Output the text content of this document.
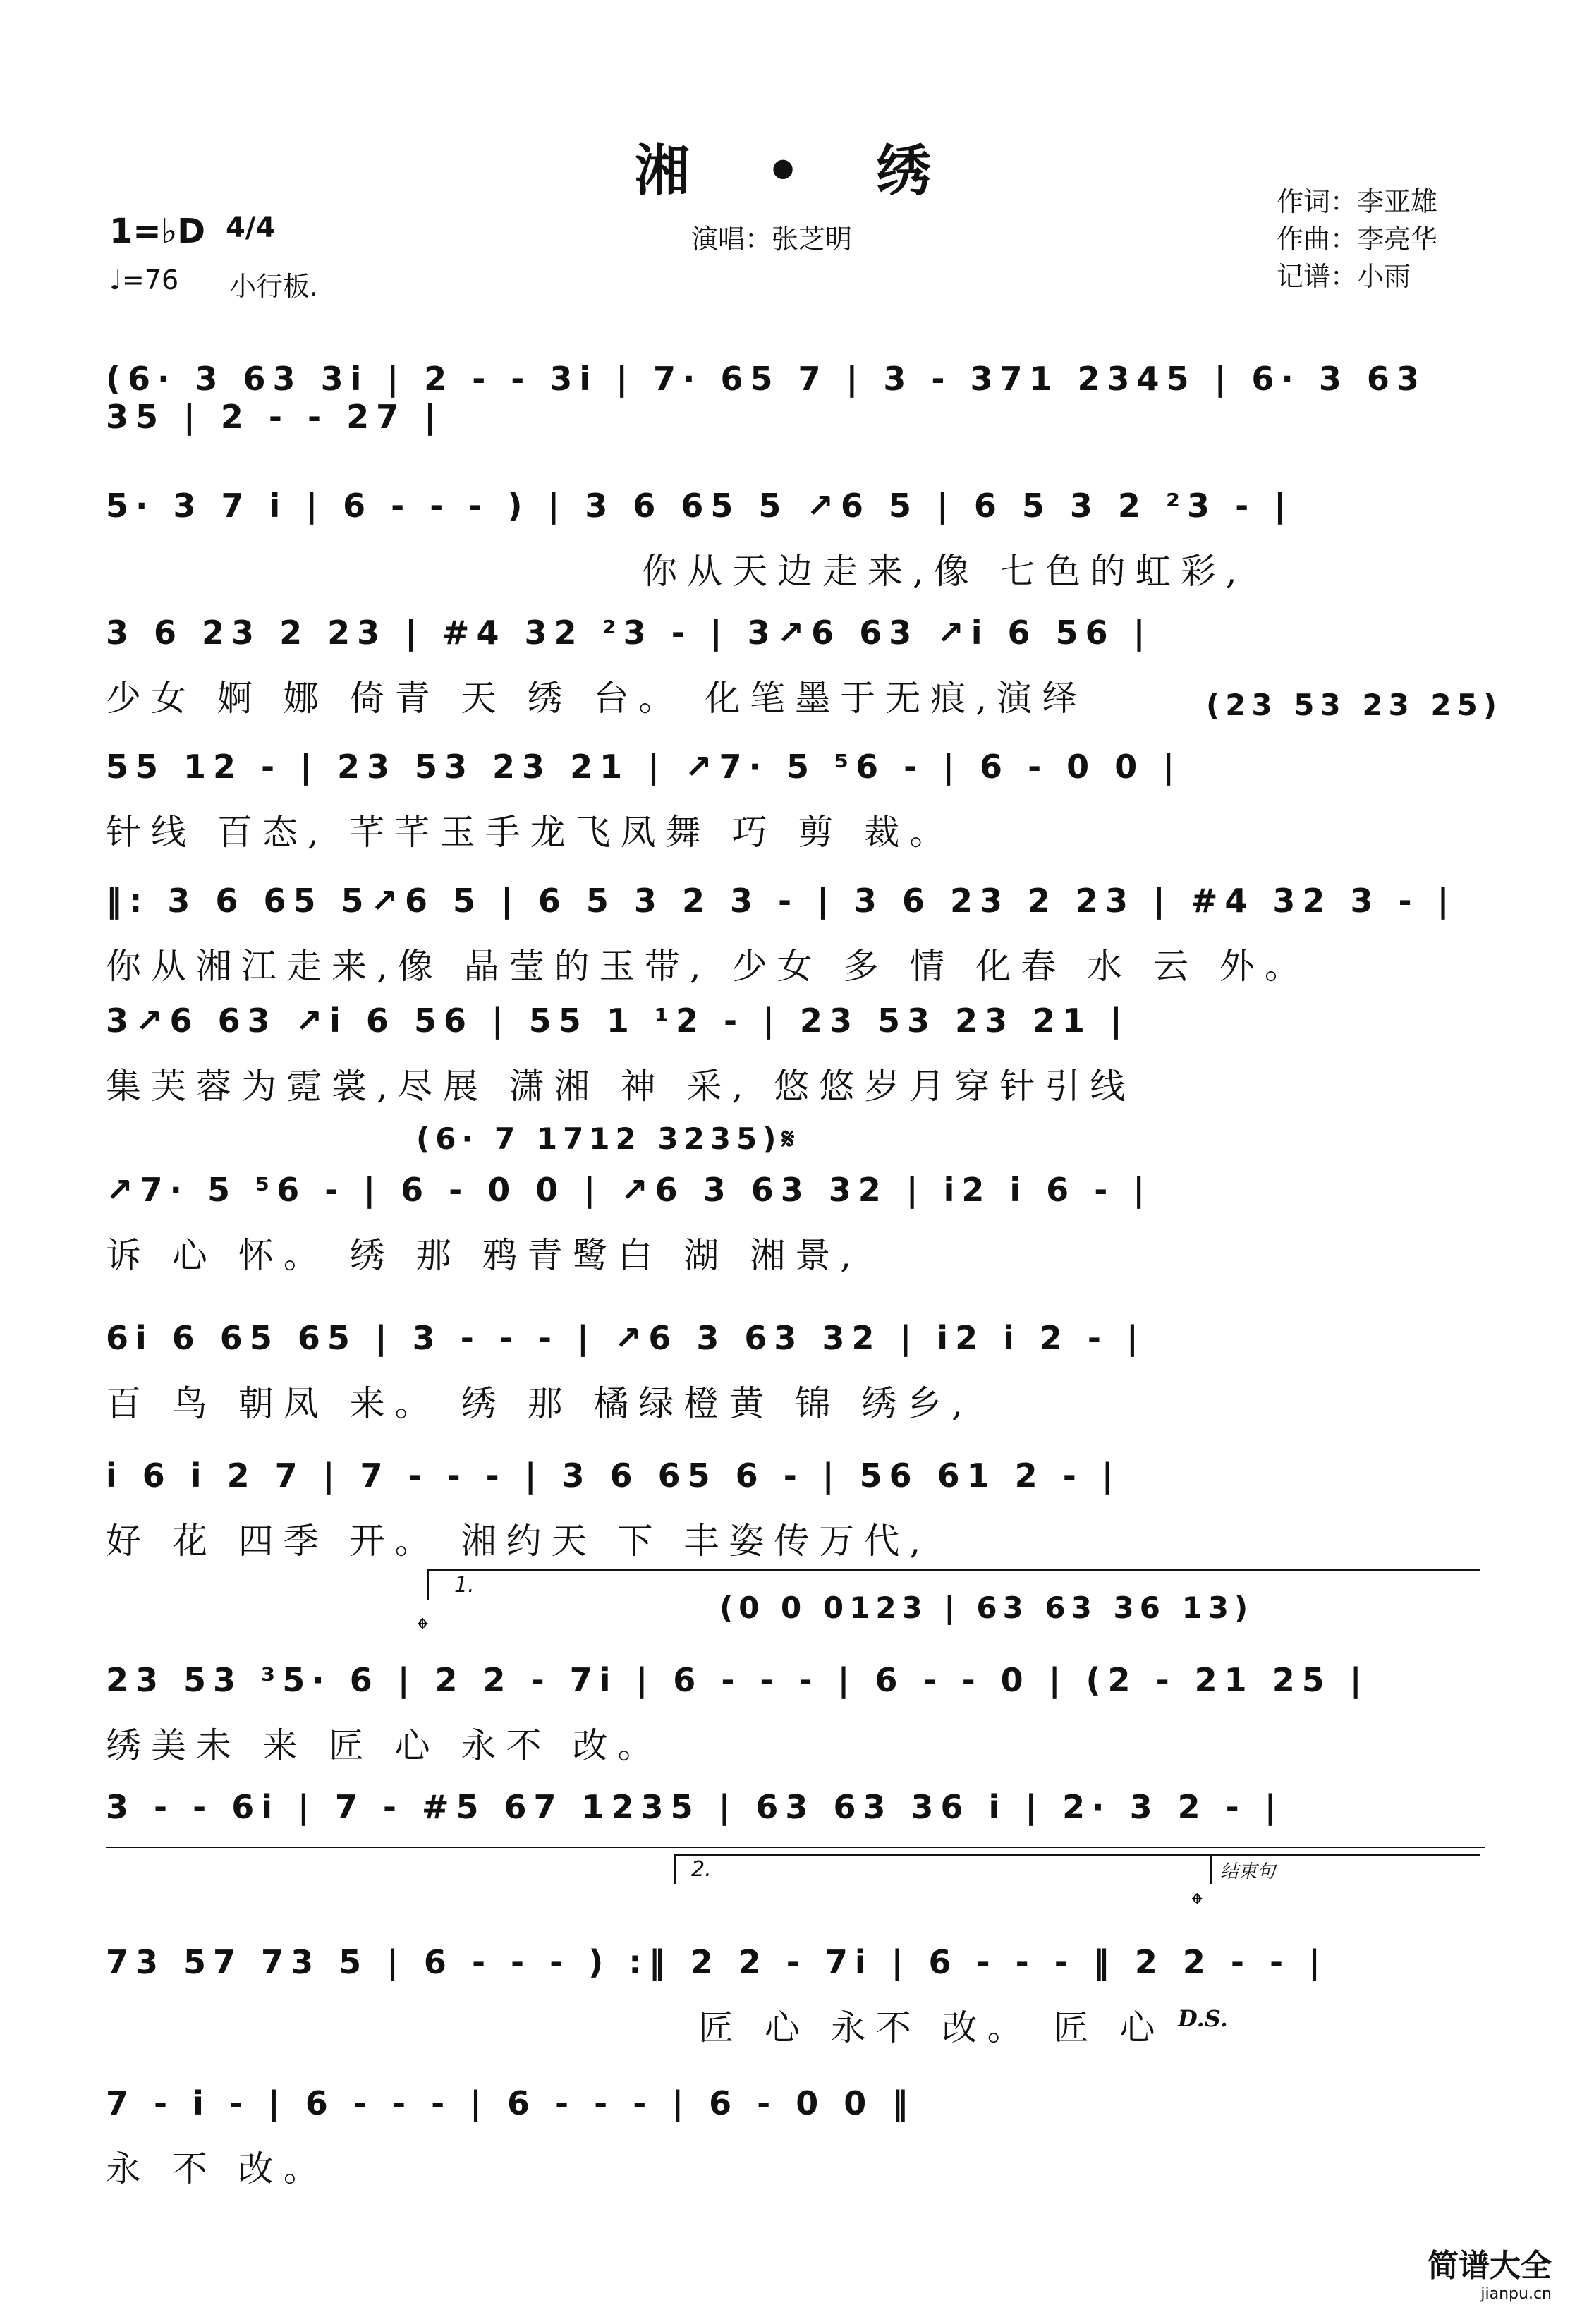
湘 • 绣	作词：李亚雄
作曲：李亮华
记谱：小雨
演唱：张芝明
1=♭D 4/4
♩=76 小行板.
(23 53 23 25)
(6· 7 1712 3235)𝄋
(0 0 0123 | 63 63 36 13)
(6· 3 63 3i | 2 - - 3i | 7· 65 7 | 3 - 371 2345 | 6· 3 63 35 | 2 - - 27 |
5· 3 7 i | 6 - - - ) | 3 6 65 5 ↗6 5 | 6 5 3 2 ²3 - |
你从天边走来,像 七色的虹彩,
3 6 23 2 23 | #4 32 ²3 - | 3↗6 63 ↗i 6 56 |
少女 婀 娜 倚青 天 绣 台。 化笔墨于无痕,演绎
55 12 - | 23 53 23 21 | ↗7· 5 ⁵6 - | 6 - 0 0 |
针线 百态, 芊芊玉手龙飞凤舞 巧 剪 裁。
‖: 3 6 65 5↗6 5 | 6 5 3 2 3 - | 3 6 23 2 23 | #4 32 3 - |
你从湘江走来,像 晶莹的玉带, 少女 多 情 化春 水 云 外。
3↗6 63 ↗i 6 56 | 55 1 ¹2 - | 23 53 23 21 |
集芙蓉为霓裳,尽展 潇湘 神 采, 悠悠岁月穿针引线
↗7· 5 ⁵6 - | 6 - 0 0 | ↗6 3 63 32 | i2 i 6 - |
诉 心 怀。 绣 那 鸦青鹭白 湖 湘景,
6i 6 65 65 | 3 - - - | ↗6 3 63 32 | i2 i 2 - |
百 鸟 朝凤 来。 绣 那 橘绿橙黄 锦 绣乡,
i 6 i 2 7 | 7 - - - | 3 6 65 6 - | 56 61 2 - |
好 花 四季 开。 湘约天 下 丰姿传万代,
1.
𝄌
23 53 ³5· 6 | 2 2 - 7i | 6 - - - | 6 - - 0 | (2 - 21 25 |
绣美未 来 匠 心 永不 改。
3 - - 6i | 7 - #5 67 1235 | 63 63 36 i | 2· 3 2 - |
2.	结束句
𝄌
73 57 73 5 | 6 - - - ) :‖ 2 2 - 7i | 6 - - - ‖ 2 2 - - |
匠 心 永不 改。 匠 心 D.S.
7 - i - | 6 - - - | 6 - - - | 6 - 0 0 ‖
永 不 改。
简谱大全
jianpu.cn
